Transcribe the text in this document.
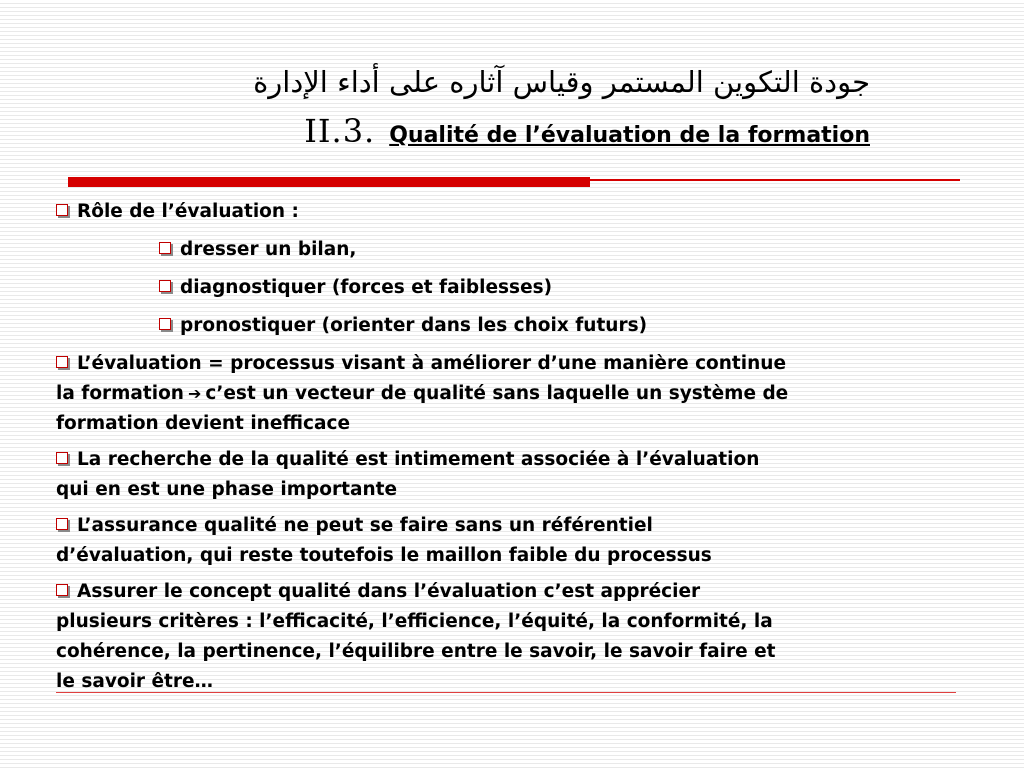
جودة التكوين المستمر وقياس آثاره على أداء الإدارة
II.3. Qualité de l’évaluation de la formation
Rôle de l’évaluation :
dresser un bilan,
diagnostiquer (forces et faiblesses)
pronostiquer (orienter dans les choix futurs)
L’évaluation = processus visant à améliorer d’une manière continue
la formation ➔ c’est un vecteur de qualité sans laquelle un système de
formation devient inefficace
La recherche de la qualité est intimement associée à l’évaluation
qui en est une phase importante
L’assurance qualité ne peut se faire sans un référentiel
d’évaluation, qui reste toutefois le maillon faible du processus
Assurer le concept qualité dans l’évaluation c’est apprécier
plusieurs critères : l’efficacité, l’efficience, l’équité, la conformité, la
cohérence, la pertinence, l’équilibre entre le savoir, le savoir faire et
le savoir être…
